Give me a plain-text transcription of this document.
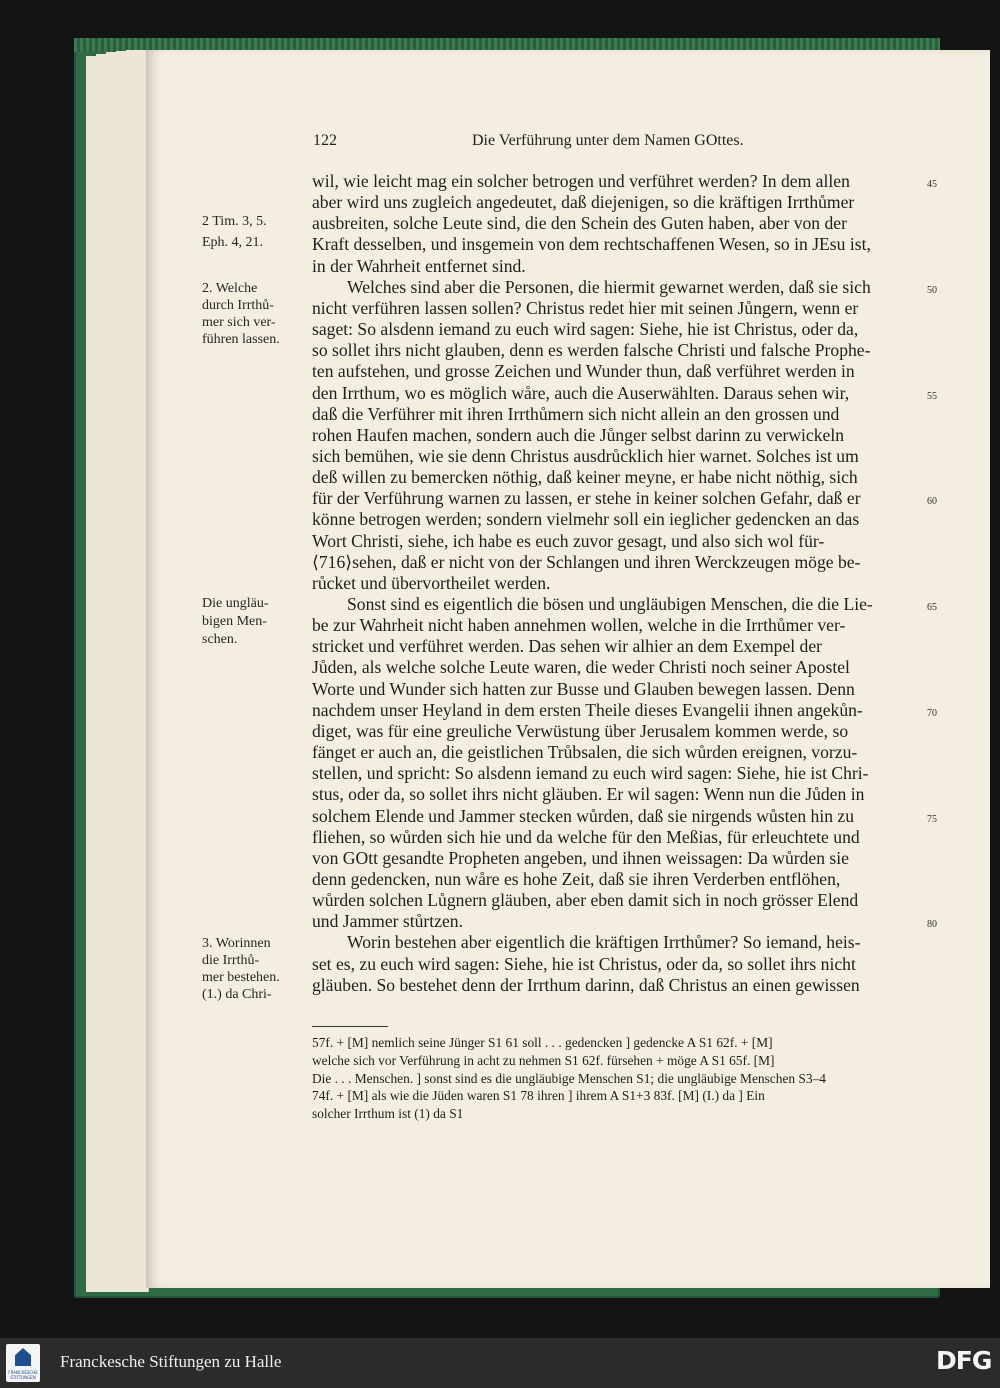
122	Die Verführung unter dem Namen GOttes.
wil, wie leicht mag ein solcher betrogen und verführet werden? In dem allen
aber wird uns zugleich angedeutet, daß diejenigen, so die kräftigen Irrthůmer
ausbreiten, solche Leute sind, die den Schein des Guten haben, aber von der
Kraft desselben, und insgemein von dem rechtschaffenen Wesen, so in JEsu ist,
in der Wahrheit entfernet sind.
Welches sind aber die Personen, die hiermit gewarnet werden, daß sie sich
nicht verführen lassen sollen? Christus redet hier mit seinen Jůngern, wenn er
saget: So alsdenn iemand zu euch wird sagen: Siehe, hie ist Christus, oder da,
so sollet ihrs nicht glauben, denn es werden falsche Christi und falsche Prophe-
ten aufstehen, und grosse Zeichen und Wunder thun, daß verführet werden in
den Irrthum, wo es möglich wåre, auch die Auserwählten. Daraus sehen wir,
daß die Verführer mit ihren Irrthůmern sich nicht allein an den grossen und
rohen Haufen machen, sondern auch die Jůnger selbst darinn zu verwickeln
sich bemühen, wie sie denn Christus ausdrůcklich hier warnet. Solches ist um
deß willen zu bemercken nöthig, daß keiner meyne, er habe nicht nöthig, sich
für der Verführung warnen zu lassen, er stehe in keiner solchen Gefahr, daß er
könne betrogen werden; sondern vielmehr soll ein ieglicher gedencken an das
Wort Christi, siehe, ich habe es euch zuvor gesagt, und also sich wol für-
⟨716⟩sehen, daß er nicht von der Schlangen und ihren Werckzeugen möge be-
růcket und übervortheilet werden.
Sonst sind es eigentlich die bösen und ungläubigen Menschen, die die Lie-
be zur Wahrheit nicht haben annehmen wollen, welche in die Irrthůmer ver-
stricket und verführet werden. Das sehen wir alhier an dem Exempel der
Jůden, als welche solche Leute waren, die weder Christi noch seiner Apostel
Worte und Wunder sich hatten zur Busse und Glauben bewegen lassen. Denn
nachdem unser Heyland in dem ersten Theile dieses Evangelii ihnen angekůn-
diget, was für eine greuliche Verwüstung über Jerusalem kommen werde, so
fänget er auch an, die geistlichen Trůbsalen, die sich wůrden ereignen, vorzu-
stellen, und spricht: So alsdenn iemand zu euch wird sagen: Siehe, hie ist Chri-
stus, oder da, so sollet ihrs nicht gläuben. Er wil sagen: Wenn nun die Jůden in
solchem Elende und Jammer stecken wůrden, daß sie nirgends wůsten hin zu
fliehen, so wůrden sich hie und da welche für den Meßias, für erleuchtete und
von GOtt gesandte Propheten angeben, und ihnen weissagen: Da wůrden sie
denn gedencken, nun wåre es hohe Zeit, daß sie ihren Verderben entflöhen,
wůrden solchen Lůgnern gläuben, aber eben damit sich in noch grösser Elend
und Jammer stůrtzen.
Worin bestehen aber eigentlich die kräftigen Irrthůmer? So iemand, heis-
set es, zu euch wird sagen: Siehe, hie ist Christus, oder da, so sollet ihrs nicht
gläuben. So bestehet denn der Irrthum darinn, daß Christus an einen gewissen
45
50
55
60
65
70
75
80
2 Tim. 3, 5.
Eph. 4, 21.
2. Welche
durch Irrthů-
mer sich ver-
führen lassen.
Die ungläu-
bigen Men-
schen.
3. Worinnen
die Irrthů-
mer bestehen.
(1.) da Chri-
57f. + [M] nemlich seine Jünger S1 61 soll . . . gedencken ] gedencke A S1 62f. + [M]
welche sich vor Verführung in acht zu nehmen S1 62f. fürsehen + möge A S1 65f. [M]
Die . . . Menschen. ] sonst sind es die ungläubige Menschen S1; die ungläubige Menschen S3–4
74f. + [M] als wie die Jüden waren S1 78 ihren ] ihrem A S1+3 83f. [M] (I.) da ] Ein
solcher Irrthum ist (1) da S1
FRANCKESCHE STIFTUNGEN
Franckesche Stiftungen zu Halle	DFG
